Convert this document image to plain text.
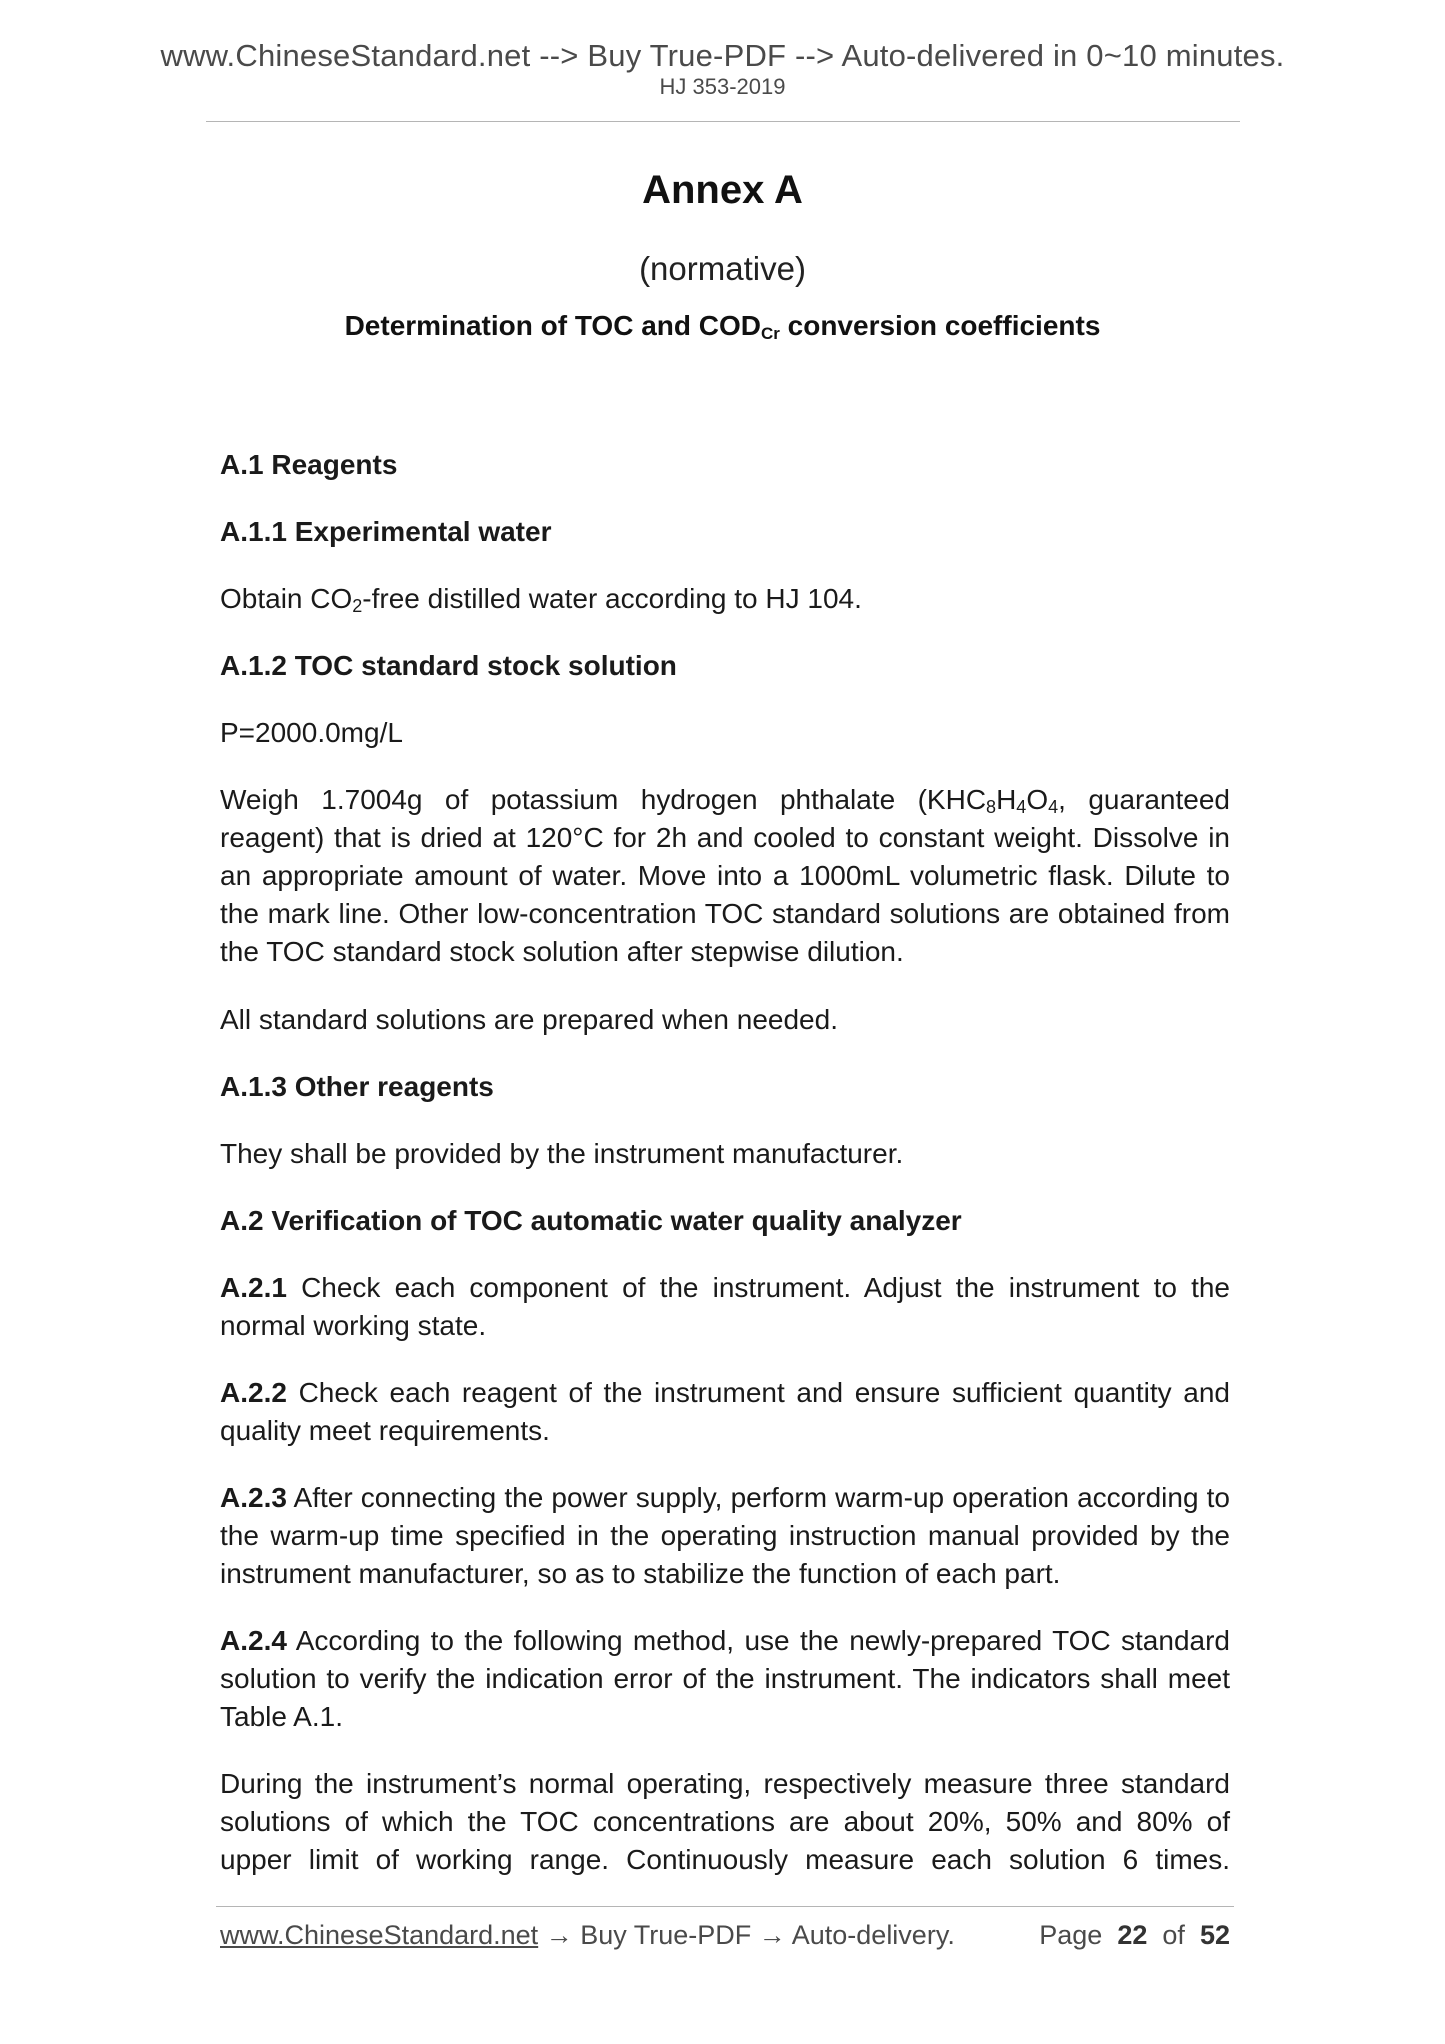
www.ChineseStandard.net --> Buy True-PDF --> Auto-delivered in 0~10 minutes.
HJ 353-2019
Annex A
(normative)
Determination of TOC and $COD_{Cr}$ conversion coefficients
A.1 Reagents
A.1.1 Experimental water
Obtain $CO_2$-free distilled water according to HJ 104.
A.1.2 TOC standard stock solution
P=2000.0mg/L
Weigh 1.7004g of potassium hydrogen phthalate ($KHC_8H_4O_4$, guaranteed reagent) that is dried at 120°C for 2h and cooled to constant weight. Dissolve in an appropriate amount of water. Move into a 1000mL volumetric flask. Dilute to the mark line. Other low-concentration TOC standard solutions are obtained from the TOC standard stock solution after stepwise dilution.
All standard solutions are prepared when needed.
A.1.3 Other reagents
They shall be provided by the instrument manufacturer.
A.2 Verification of TOC automatic water quality analyzer
A.2.1 Check each component of the instrument. Adjust the instrument to the normal working state.
A.2.2 Check each reagent of the instrument and ensure sufficient quantity and quality meet requirements.
A.2.3 After connecting the power supply, perform warm-up operation according to the warm-up time specified in the operating instruction manual provided by the instrument manufacturer, so as to stabilize the function of each part.
A.2.4 According to the following method, use the newly-prepared TOC standard solution to verify the indication error of the instrument. The indicators shall meet Table A.1.
During the instrument’s normal operating, respectively measure three standard solutions of which the TOC concentrations are about 20%, 50% and 80% of upper limit of working range. Continuously measure each solution 6 times.
www.ChineseStandard.net → Buy True-PDF → Auto-delivery.	Page 22 of 52
